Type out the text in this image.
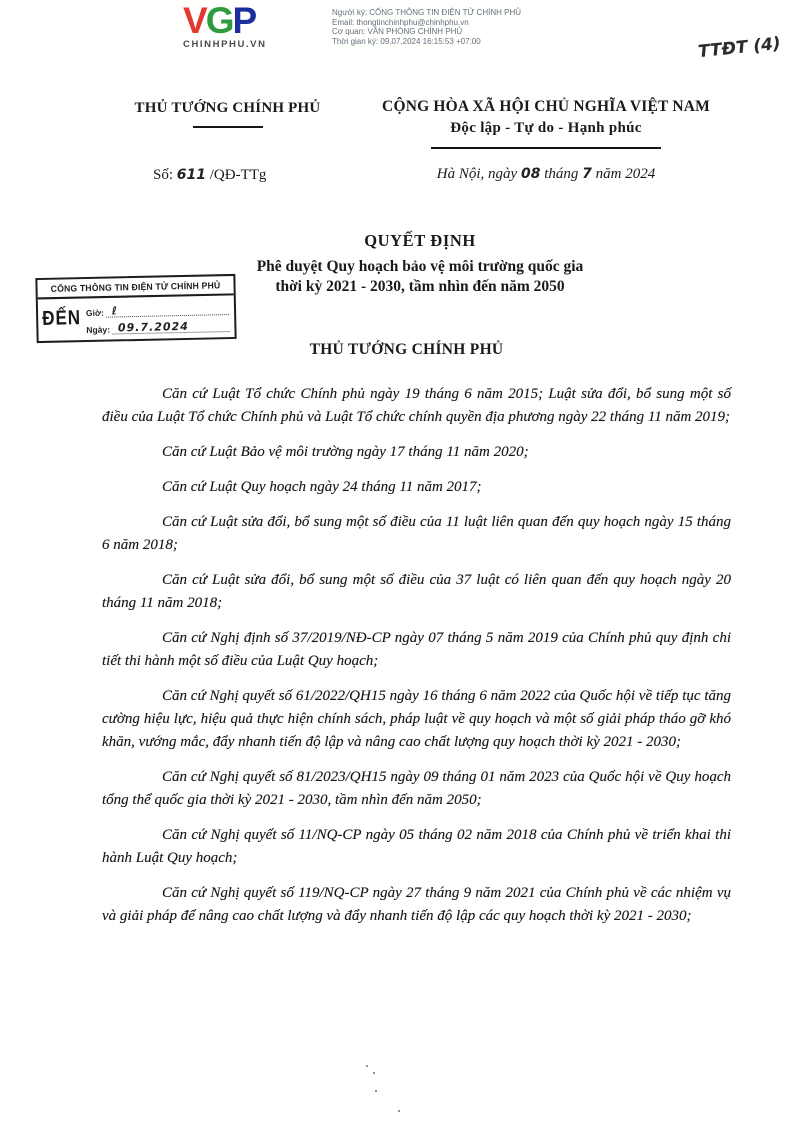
VGP
CHINHPHU.VN
Người ký: CỔNG THÔNG TIN ĐIỆN TỬ CHÍNH PHỦ
Email: thongtinchinhphu@chinhphu.vn
Cơ quan: VĂN PHÒNG CHÍNH PHỦ
Thời gian ký: 09.07.2024 16:15:53 +07:00	TTĐT (4)
THỦ TƯỚNG CHÍNH PHỦ	CỘNG HÒA XÃ HỘI CHỦ NGHĨA VIỆT NAM
Độc lập - Tự do - Hạnh phúc
Số: 611 /QĐ-TTg	Hà Nội, ngày 08 tháng 7 năm 2024
QUYẾT ĐỊNH
Phê duyệt Quy hoạch bảo vệ môi trường quốc gia
thời kỳ 2021 - 2030, tầm nhìn đến năm 2050
CỔNG THÔNG TIN ĐIỆN TỬ CHÍNH PHỦ
ĐẾN Giờ: ℓ
Ngày: 09.7.2024
THỦ TƯỚNG CHÍNH PHỦ

Căn cứ Luật Tổ chức Chính phủ ngày 19 tháng 6 năm 2015; Luật sửa đổi, bổ sung một số điều của Luật Tổ chức Chính phủ và Luật Tổ chức chính quyền địa phương ngày 22 tháng 11 năm 2019;

Căn cứ Luật Bảo vệ môi trường ngày 17 tháng 11 năm 2020;

Căn cứ Luật Quy hoạch ngày 24 tháng 11 năm 2017;

Căn cứ Luật sửa đổi, bổ sung một số điều của 11 luật liên quan đến quy hoạch ngày 15 tháng 6 năm 2018;

Căn cứ Luật sửa đổi, bổ sung một số điều của 37 luật có liên quan đến quy hoạch ngày 20 tháng 11 năm 2018;

Căn cứ Nghị định số 37/2019/NĐ-CP ngày 07 tháng 5 năm 2019 của Chính phủ quy định chi tiết thi hành một số điều của Luật Quy hoạch;

Căn cứ Nghị quyết số 61/2022/QH15 ngày 16 tháng 6 năm 2022 của Quốc hội về tiếp tục tăng cường hiệu lực, hiệu quả thực hiện chính sách, pháp luật về quy hoạch và một số giải pháp tháo gỡ khó khăn, vướng mắc, đẩy nhanh tiến độ lập và nâng cao chất lượng quy hoạch thời kỳ 2021 - 2030;

Căn cứ Nghị quyết số 81/2023/QH15 ngày 09 tháng 01 năm 2023 của Quốc hội về Quy hoạch tổng thể quốc gia thời kỳ 2021 - 2030, tầm nhìn đến năm 2050;

Căn cứ Nghị quyết số 11/NQ-CP ngày 05 tháng 02 năm 2018 của Chính phủ về triển khai thi hành Luật Quy hoạch;

Căn cứ Nghị quyết số 119/NQ-CP ngày 27 tháng 9 năm 2021 của Chính phủ về các nhiệm vụ và giải pháp để nâng cao chất lượng và đẩy nhanh tiến độ lập các quy hoạch thời kỳ 2021 - 2030;
